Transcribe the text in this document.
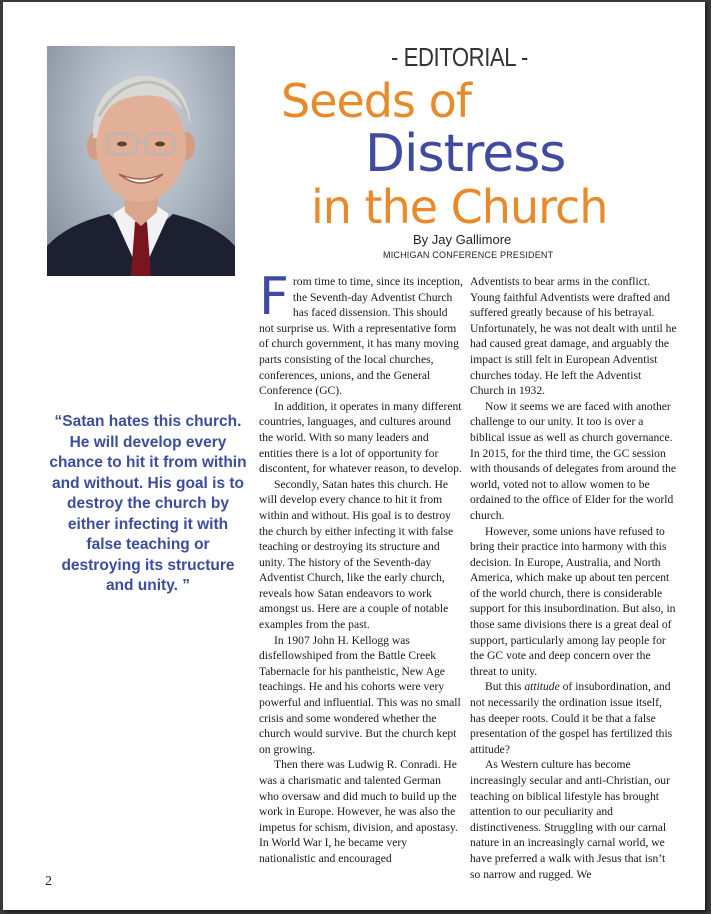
- EDITORIAL -
Seeds of
Distress
in the Church
By Jay Gallimore
MICHIGAN CONFERENCE PRESIDENT
“Satan hates this church. He will develop every chance to hit it from within and without. His goal is to destroy the church by either infecting it with false teaching or destroying its structure and unity. ”

From time to time, since its inception, the Seventh-day Adventist Church has faced dissension. This should not surprise us. With a representative form of church government, it has many moving parts consisting of the local churches, conferences, unions, and the General Conference (GC).

In addition, it operates in many different countries, languages, and cultures around the world. With so many leaders and entities there is a lot of opportunity for discontent, for whatever reason, to develop.

Secondly, Satan hates this church. He will develop every chance to hit it from within and without. His goal is to destroy the church by either infecting it with false teaching or destroying its structure and unity. The history of the Seventh-day Adventist Church, like the early church, reveals how Satan endeavors to work amongst us. Here are a couple of notable examples from the past.

In 1907 John H. Kellogg was disfellowshiped from the Battle Creek Tabernacle for his pantheistic, New Age teachings. He and his cohorts were very powerful and influential. This was no small crisis and some wondered whether the church would survive. But the church kept on growing.

Then there was Ludwig R. Conradi. He was a charismatic and talented German who oversaw and did much to build up the work in Europe. However, he was also the impetus for schism, division, and apostasy. In World War I, he became very nationalistic and encouraged

Adventists to bear arms in the conflict. Young faithful Adventists were drafted and suffered greatly because of his betrayal. Unfortunately, he was not dealt with until he had caused great damage, and arguably the impact is still felt in European Adventist churches today. He left the Adventist Church in 1932.

Now it seems we are faced with another challenge to our unity. It too is over a biblical issue as well as church governance. In 2015, for the third time, the GC session with thousands of delegates from around the world, voted not to allow women to be ordained to the office of Elder for the world church.

However, some unions have refused to bring their practice into harmony with this decision. In Europe, Australia, and North America, which make up about ten percent of the world church, there is considerable support for this insubordination. But also, in those same divisions there is a great deal of support, particularly among lay people for the GC vote and deep concern over the threat to unity.

But this attitude of insubordination, and not necessarily the ordination issue itself, has deeper roots. Could it be that a false presentation of the gospel has fertilized this attitude?

As Western culture has become increasingly secular and anti-Christian, our teaching on biblical lifestyle has brought attention to our peculiarity and distinctiveness. Struggling with our carnal nature in an increasingly carnal world, we have preferred a walk with Jesus that isn’t so narrow and rugged. We

2
